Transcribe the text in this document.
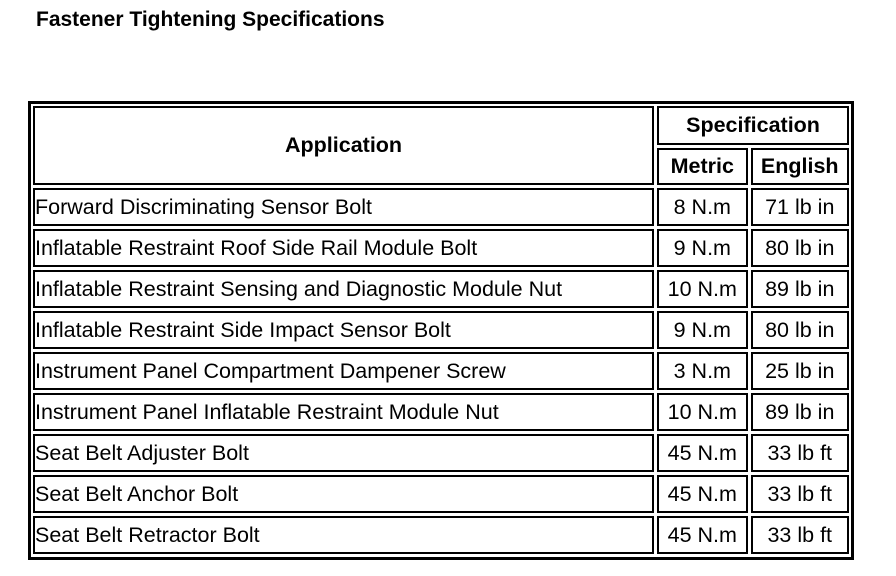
Fastener Tightening Specifications
Application	Specification	
	Metric	English
Forward Discriminating Sensor Bolt	8 N.m	71 lb in
Inflatable Restraint Roof Side Rail Module Bolt	9 N.m	80 lb in
Inflatable Restraint Sensing and Diagnostic Module Nut	10 N.m	89 lb in
Inflatable Restraint Side Impact Sensor Bolt	9 N.m	80 lb in
Instrument Panel Compartment Dampener Screw	3 N.m	25 lb in
Instrument Panel Inflatable Restraint Module Nut	10 N.m	89 lb in
Seat Belt Adjuster Bolt	45 N.m	33 lb ft
Seat Belt Anchor Bolt	45 N.m	33 lb ft
Seat Belt Retractor Bolt	45 N.m	33 lb ft
